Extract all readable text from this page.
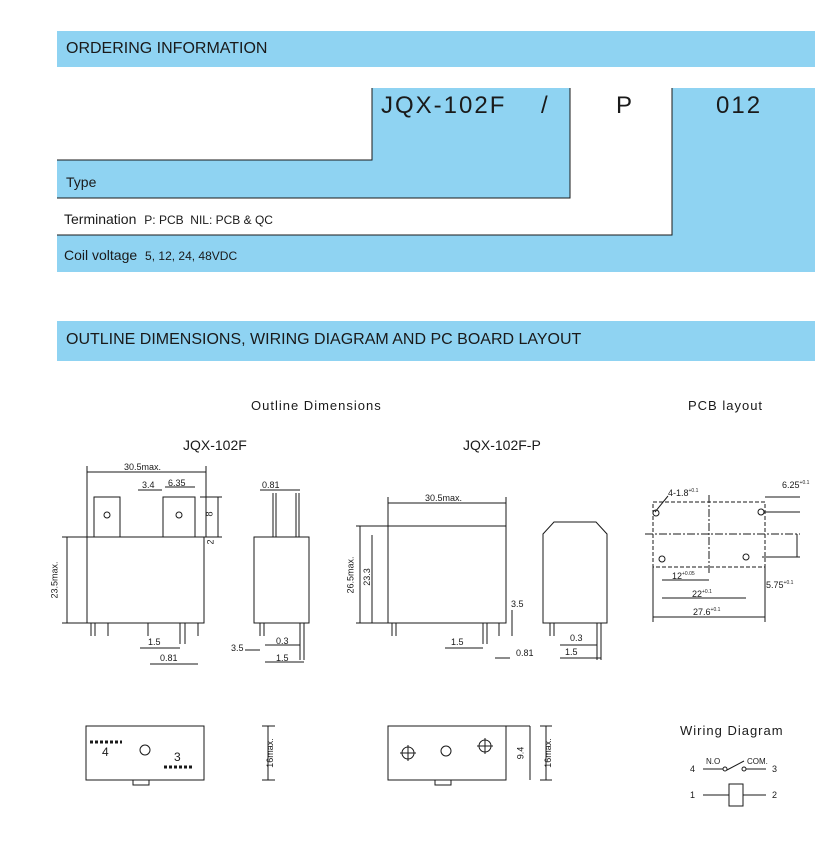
ORDERING INFORMATION
JQX-102F /	P	012
Type
Termination P: PCB  NIL: PCB & QC
Coil voltage 5, 12, 24, 48VDC
OUTLINE DIMENSIONS, WIRING DIAGRAM AND PC BOARD LAYOUT
Outline Dimensions	PCB layout
JQX-102F	JQX-102F-P
Wiring Diagram
30.5max.
3.4 6.35
8
2
23.5max.
1.5
0.81
3.5
0.81
0.3
1.5
30.5max.
26.5max. 23.3
3.5
1.5
0.81
0.3
1.5
16max.	16max.
9.4
4	3
$4-1.8^{+0.1}$
$6.25^{+0.1}$
$12^{+0.05}$
$22^{+0.1}$
$27.6^{+0.1}$
$5.75^{+0.1}$
N.O	COM.
4	3
1	2
